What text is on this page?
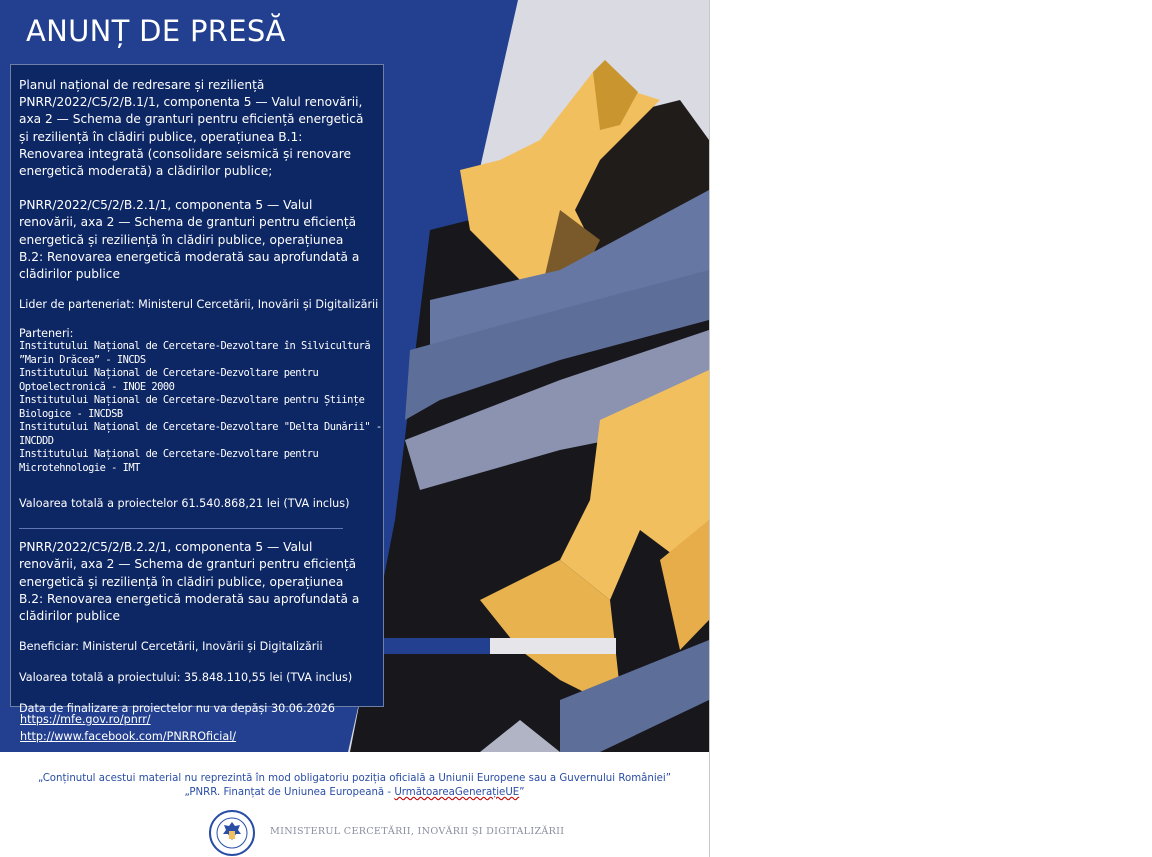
ANUNȚ DE PRESĂ

Planul național de redresare și reziliență PNRR/2022/C5/2/B.1/1, componenta 5 — Valul renovării, axa 2 — Schema de granturi pentru eficiență energetică și reziliență în clădiri publice, operațiunea B.1: Renovarea integrată (consolidare seismică și renovare energetică moderată) a clădirilor publice;

PNRR/2022/C5/2/B.2.1/1, componenta 5 — Valul renovării, axa 2 — Schema de granturi pentru eficiență energetică și reziliență în clădiri publice, operațiunea B.2: Renovarea energetică moderată sau aprofundată a clădirilor publice

Lider de parteneriat: Ministerul Cercetării, Inovării și Digitalizării

Parteneri:

Institutului Național de Cercetare-Dezvoltare în Silvicultură
”Marin Drăcea” - INCDS
Institutului Național de Cercetare-Dezvoltare pentru
Optoelectronică - INOE 2000
Institutului Național de Cercetare-Dezvoltare pentru Științe
Biologice - INCDSB
Institutului Național de Cercetare-Dezvoltare "Delta Dunării" -
INCDDD
Institutului Național de Cercetare-Dezvoltare pentru
Microtehnologie - IMT

Valoarea totală a proiectelor 61.540.868,21 lei (TVA inclus)

PNRR/2022/C5/2/B.2.2/1, componenta 5 — Valul renovării, axa 2 — Schema de granturi pentru eficiență energetică și reziliență în clădiri publice, operațiunea B.2: Renovarea energetică moderată sau aprofundată a clădirilor publice

Beneficiar: Ministerul Cercetării, Inovării și Digitalizării

Valoarea totală a proiectului: 35.848.110,55 lei (TVA inclus)

Data de finalizare a proiectelor nu va depăși 30.06.2026

https://mfe.gov.ro/pnrr/
http://www.facebook.com/PNRROficial/
„Conținutul acestui material nu reprezintă în mod obligatoriu poziția oficială a Uniunii Europene sau a Guvernului României”
„PNRR. Finanțat de Uniunea Europeană - UrmătoareaGenerațieUE”
MINISTERUL CERCETĂRII, INOVĂRII ȘI DIGITALIZĂRII
